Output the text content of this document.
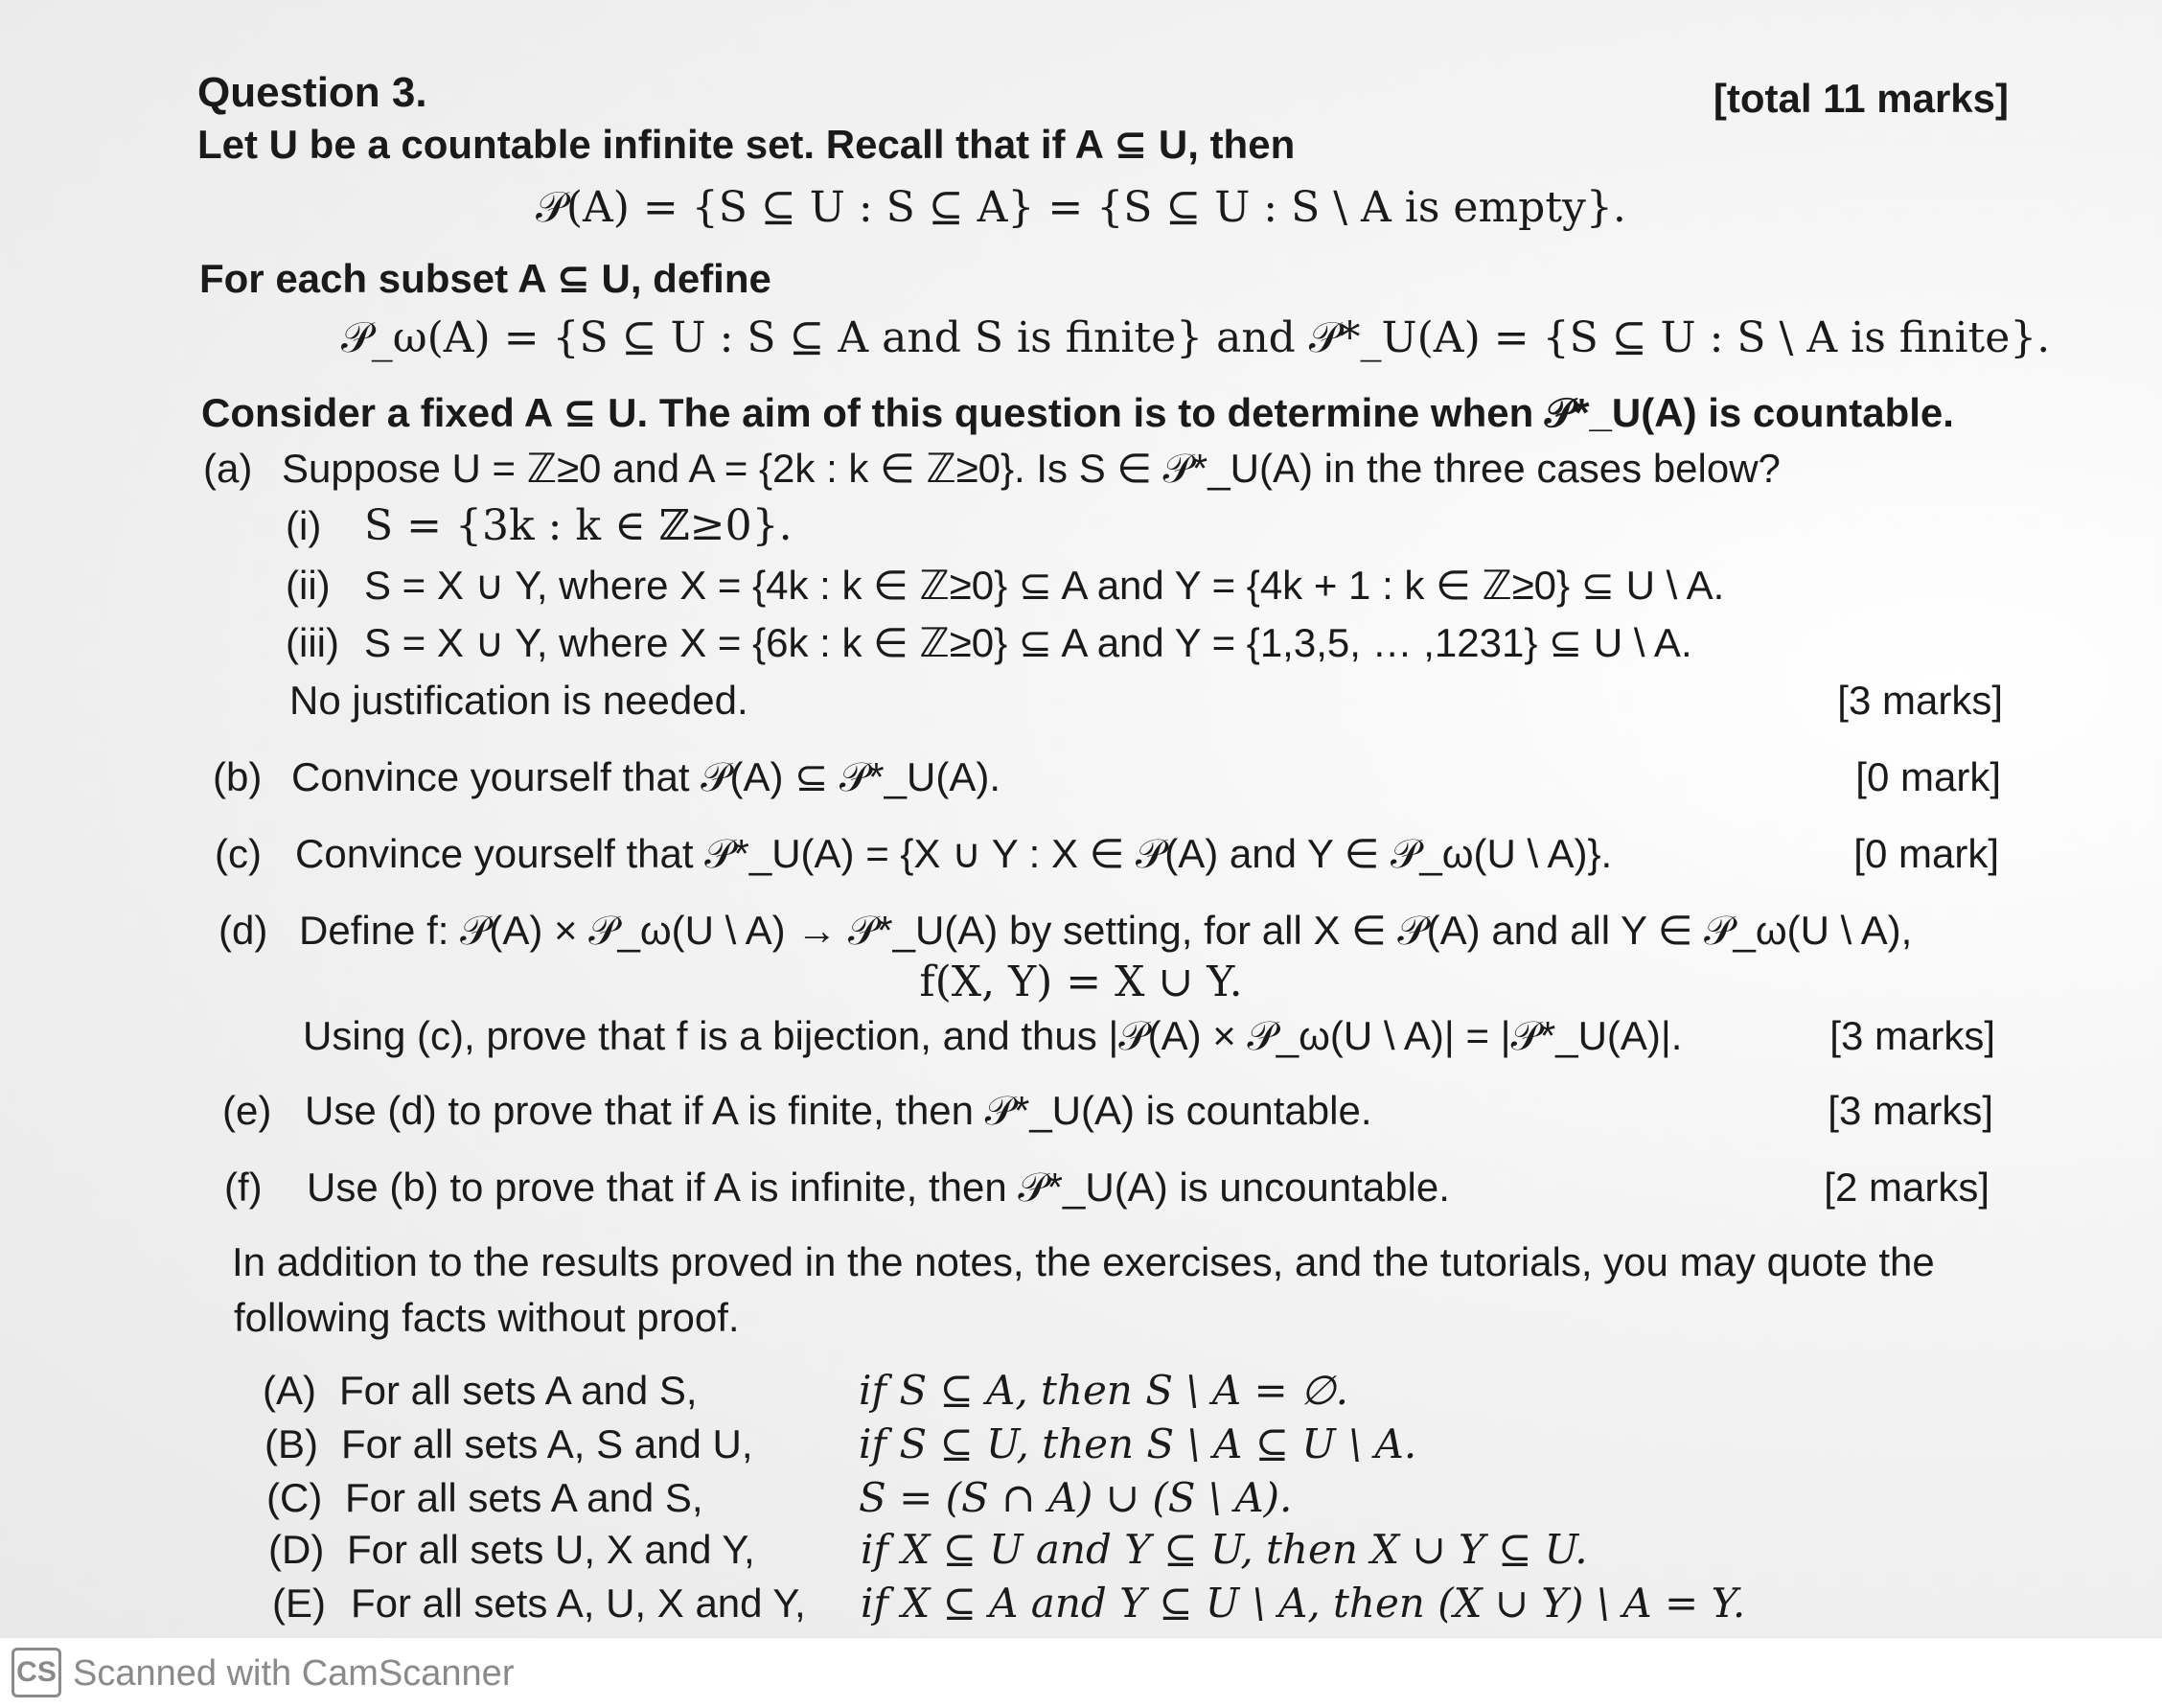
Question 3.	[total 11 marks]
Let U be a countable infinite set. Recall that if A ⊆ U, then
𝒫(A) = {S ⊆ U : S ⊆ A} = {S ⊆ U : S \ A is empty}.
For each subset A ⊆ U, define
𝒫_ω(A) = {S ⊆ U : S ⊆ A and S is finite} and 𝒫*_U(A) = {S ⊆ U : S \ A is finite}.
Consider a fixed A ⊆ U. The aim of this question is to determine when 𝒫*_U(A) is countable.
(a) Suppose U = ℤ≥0 and A = {2k : k ∈ ℤ≥0}. Is S ∈ 𝒫*_U(A) in the three cases below?
(i) S = {3k : k ∈ ℤ≥0}.
(ii) S = X ∪ Y, where X = {4k : k ∈ ℤ≥0} ⊆ A and Y = {4k + 1 : k ∈ ℤ≥0} ⊆ U \ A.
(iii) S = X ∪ Y, where X = {6k : k ∈ ℤ≥0} ⊆ A and Y = {1,3,5, … ,1231} ⊆ U \ A.
No justification is needed.	[3 marks]
(b) Convince yourself that 𝒫(A) ⊆ 𝒫*_U(A).	[0 mark]
(c) Convince yourself that 𝒫*_U(A) = {X ∪ Y : X ∈ 𝒫(A) and Y ∈ 𝒫_ω(U \ A)}.	[0 mark]
(d) Define f: 𝒫(A) × 𝒫_ω(U \ A) → 𝒫*_U(A) by setting, for all X ∈ 𝒫(A) and all Y ∈ 𝒫_ω(U \ A),
f(X, Y) = X ∪ Y.
Using (c), prove that f is a bijection, and thus |𝒫(A) × 𝒫_ω(U \ A)| = |𝒫*_U(A)|.	[3 marks]
(e) Use (d) to prove that if A is finite, then 𝒫*_U(A) is countable.	[3 marks]
(f) Use (b) to prove that if A is infinite, then 𝒫*_U(A) is uncountable.	[2 marks]
In addition to the results proved in the notes, the exercises, and the tutorials, you may quote the
following facts without proof.
(A) For all sets A and S,	if S ⊆ A, then S \ A = ∅.
(B) For all sets A, S and U,	if S ⊆ U, then S \ A ⊆ U \ A.
(C) For all sets A and S,	S = (S ∩ A) ∪ (S \ A).
(D) For all sets U, X and Y,	if X ⊆ U and Y ⊆ U, then X ∪ Y ⊆ U.
(E) For all sets A, U, X and Y, if X ⊆ A and Y ⊆ U \ A, then (X ∪ Y) \ A = Y.
CS Scanned with CamScanner
